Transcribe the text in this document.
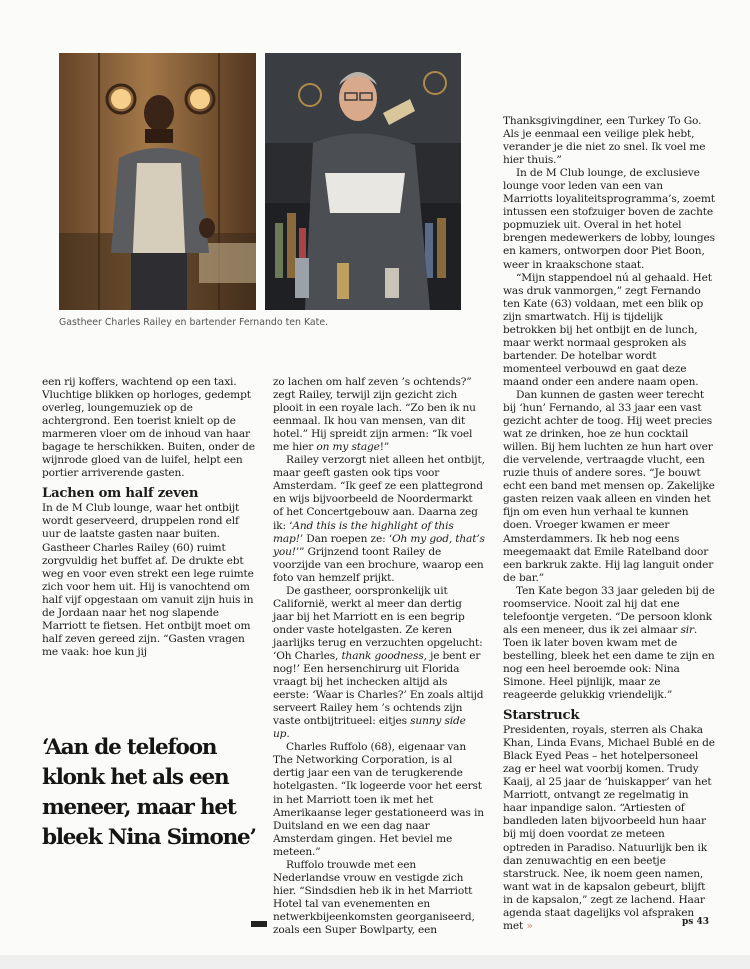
Gastheer Charles Railey en bartender Fernando ten Kate.

een rij koffers, wachtend op een taxi. Vluchtige blikken op horloges, gedempt overleg, loungemuziek op de achtergrond. Een toerist knielt op de marmeren vloer om de inhoud van haar bagage te herschikken. Buiten, onder de wijnrode gloed van de luifel, helpt een portier arriverende gasten.

Lachen om half zeven

In de M Club lounge, waar het ontbijt wordt geserveerd, druppelen rond elf uur de laatste gasten naar buiten. Gastheer Charles Railey (60) ruimt zorgvuldig het buffet af. De drukte ebt weg en voor even strekt een lege ruimte zich voor hem uit. Hij is vanochtend om half vijf opgestaan om vanuit zijn huis in de Jordaan naar het nog slapende Marriott te fietsen. Het ontbijt moet om half zeven gereed zijn. “Gasten vragen me vaak: hoe kun jij

‘Aan de telefoon klonk het als een meneer, maar het bleek Nina Simone’

zo lachen om half zeven ’s ochtends?” zegt Railey, terwijl zijn gezicht zich plooit in een royale lach. “Zo ben ik nu eenmaal. Ik hou van mensen, van dit hotel.” Hij spreidt zijn armen: “Ik voel me hier on my stage!”

Railey verzorgt niet alleen het ontbijt, maar geeft gasten ook tips voor Amsterdam. “Ik geef ze een plattegrond en wijs bijvoorbeeld de Noordermarkt of het Concertgebouw aan. Daarna zeg ik: ‘And this is the highlight of this map!’ Dan roepen ze: ‘Oh my god, that’s you!’” Grijnzend toont Railey de voorzijde van een brochure, waarop een foto van hemzelf prijkt.

De gastheer, oorspronkelijk uit Californië, werkt al meer dan dertig jaar bij het Marriott en is een begrip onder vaste hotelgasten. Ze keren jaarlijks terug en verzuchten opgelucht: ‘Oh Charles, thank goodness, je bent er nog!’ Een hersenchirurg uit Florida vraagt bij het inchecken altijd als eerste: ‘Waar is Charles?’ En zoals altijd serveert Railey hem ’s ochtends zijn vaste ontbijtritueel: eitjes sunny side up.

Charles Ruffolo (68), eigenaar van The Networking Corporation, is al dertig jaar een van de terugkerende hotelgasten. “Ik logeerde voor het eerst in het Marriott toen ik met het Amerikaanse leger gestationeerd was in Duitsland en we een dag naar Amsterdam gingen. Het beviel me meteen.”

Ruffolo trouwde met een Nederlandse vrouw en vestigde zich hier. “Sindsdien heb ik in het Marriott Hotel tal van evenementen en netwerkbijeenkomsten georganiseerd, zoals een Super Bowlparty, een

Thanksgivingdiner, een Turkey To Go. Als je eenmaal een veilige plek hebt, verander je die niet zo snel. Ik voel me hier thuis.”

In de M Club lounge, de exclusieve lounge voor leden van een van Marriotts loyaliteitsprogramma’s, zoemt intussen een stofzuiger boven de zachte popmuziek uit. Overal in het hotel brengen medewerkers de lobby, lounges en kamers, ontworpen door Piet Boon, weer in kraakschone staat.

“Mijn stappendoel nú al gehaald. Het was druk vanmorgen,” zegt Fernando ten Kate (63) voldaan, met een blik op zijn smartwatch. Hij is tijdelijk betrokken bij het ontbijt en de lunch, maar werkt normaal gesproken als bartender. De hotelbar wordt momenteel verbouwd en gaat deze maand onder een andere naam open.

Dan kunnen de gasten weer terecht bij ‘hun’ Fernando, al 33 jaar een vast gezicht achter de toog. Hij weet precies wat ze drinken, hoe ze hun cocktail willen. Bij hem luchten ze hun hart over die vervelende, vertraagde vlucht, een ruzie thuis of andere sores. “Je bouwt echt een band met mensen op. Zakelijke gasten reizen vaak alleen en vinden het fijn om even hun verhaal te kunnen doen. Vroeger kwamen er meer Amsterdammers. Ik heb nog eens meegemaakt dat Emile Ratelband door een barkruk zakte. Hij lag languit onder de bar.”

Ten Kate begon 33 jaar geleden bij de roomservice. Nooit zal hij dat ene telefoontje vergeten. “De persoon klonk als een meneer, dus ik zei almaar sir. Toen ik later boven kwam met de bestelling, bleek het een dame te zijn en nog een heel beroemde ook: Nina Simone. Heel pijnlijk, maar ze reageerde gelukkig vriendelijk.”

Starstruck

Presidenten, royals, sterren als Chaka Khan, Linda Evans, Michael Bublé en de Black Eyed Peas – het hotelpersoneel zag er heel wat voorbij komen. Trudy Kaaij, al 25 jaar de ‘huiskapper’ van het Marriott, ontvangt ze regelmatig in haar inpandige salon. “Artiesten of bandleden laten bijvoorbeeld hun haar bij mij doen voordat ze meteen optreden in Paradiso. Natuurlijk ben ik dan zenuwachtig en een beetje starstruck. Nee, ik noem geen namen, want wat in de kapsalon gebeurt, blijft in de kapsalon,” zegt ze lachend. Haar agenda staat dagelijks vol afspraken met »	ps 43
